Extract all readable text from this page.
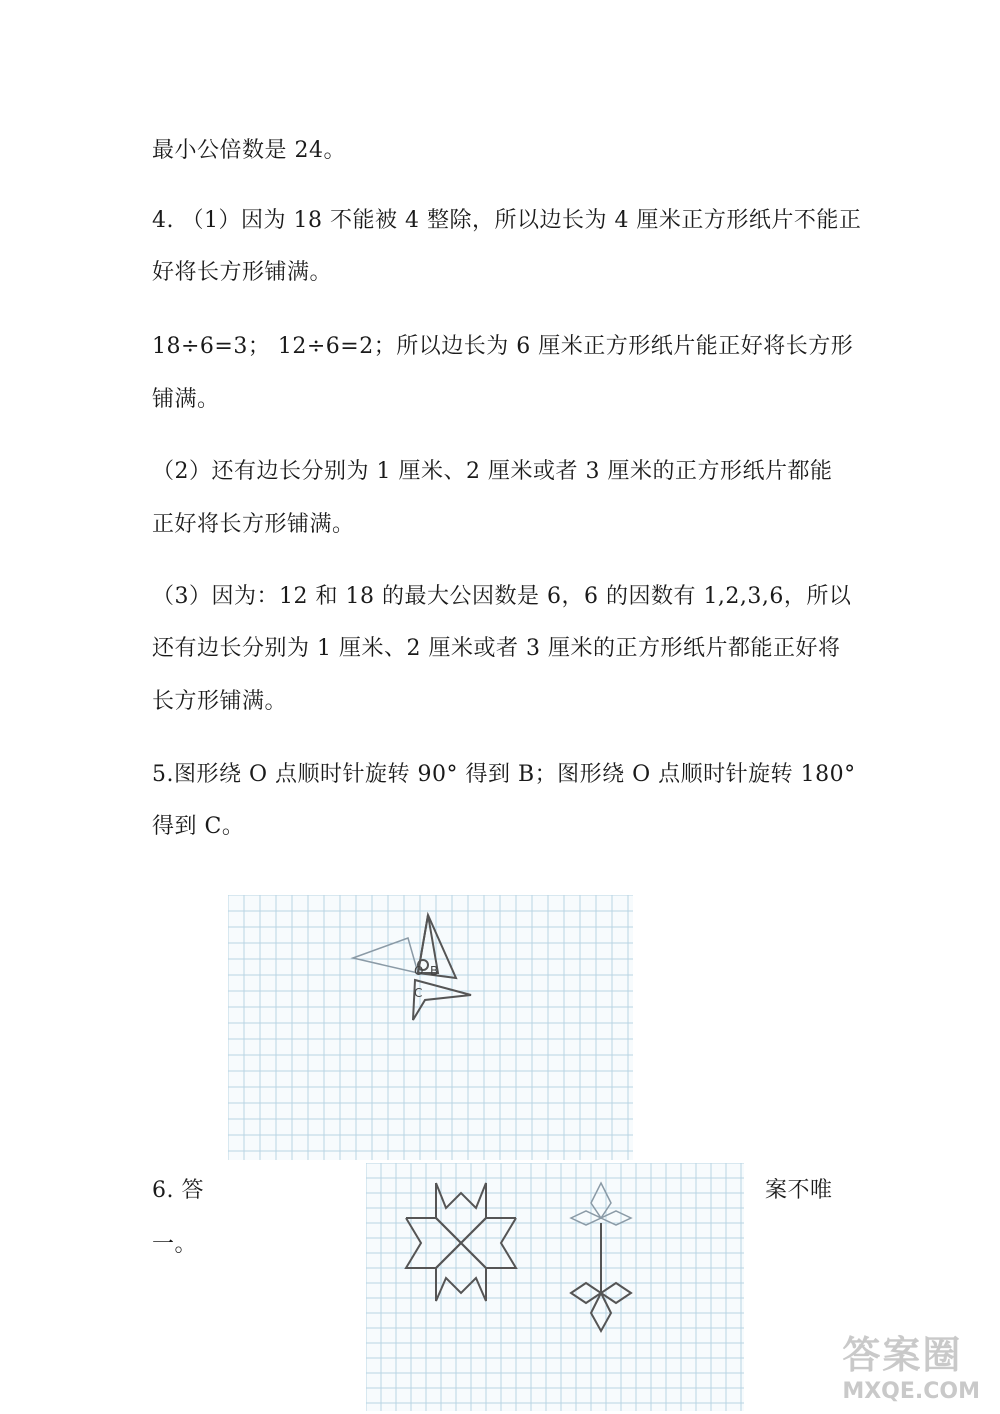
最小公倍数是 24。
4. （1）因为 18 不能被 4 整除，所以边长为 4 厘米正方形纸片不能正
好将长方形铺满。
18÷6=3； 12÷6=2；所以边长为 6 厘米正方形纸片能正好将长方形
铺满。
（2）还有边长分别为 1 厘米、2 厘米或者 3 厘米的正方形纸片都能
正好将长方形铺满。
（3）因为：12 和 18 的最大公因数是 6，6 的因数有 1,2,3,6，所以
还有边长分别为 1 厘米、2 厘米或者 3 厘米的正方形纸片都能正好将
长方形铺满。
5.图形绕 O 点顺时针旋转 90° 得到 B；图形绕 O 点顺时针旋转 180°
得到 C。
O B
C
6. 答	案不唯
一。
答案圈
MXQE.COM
